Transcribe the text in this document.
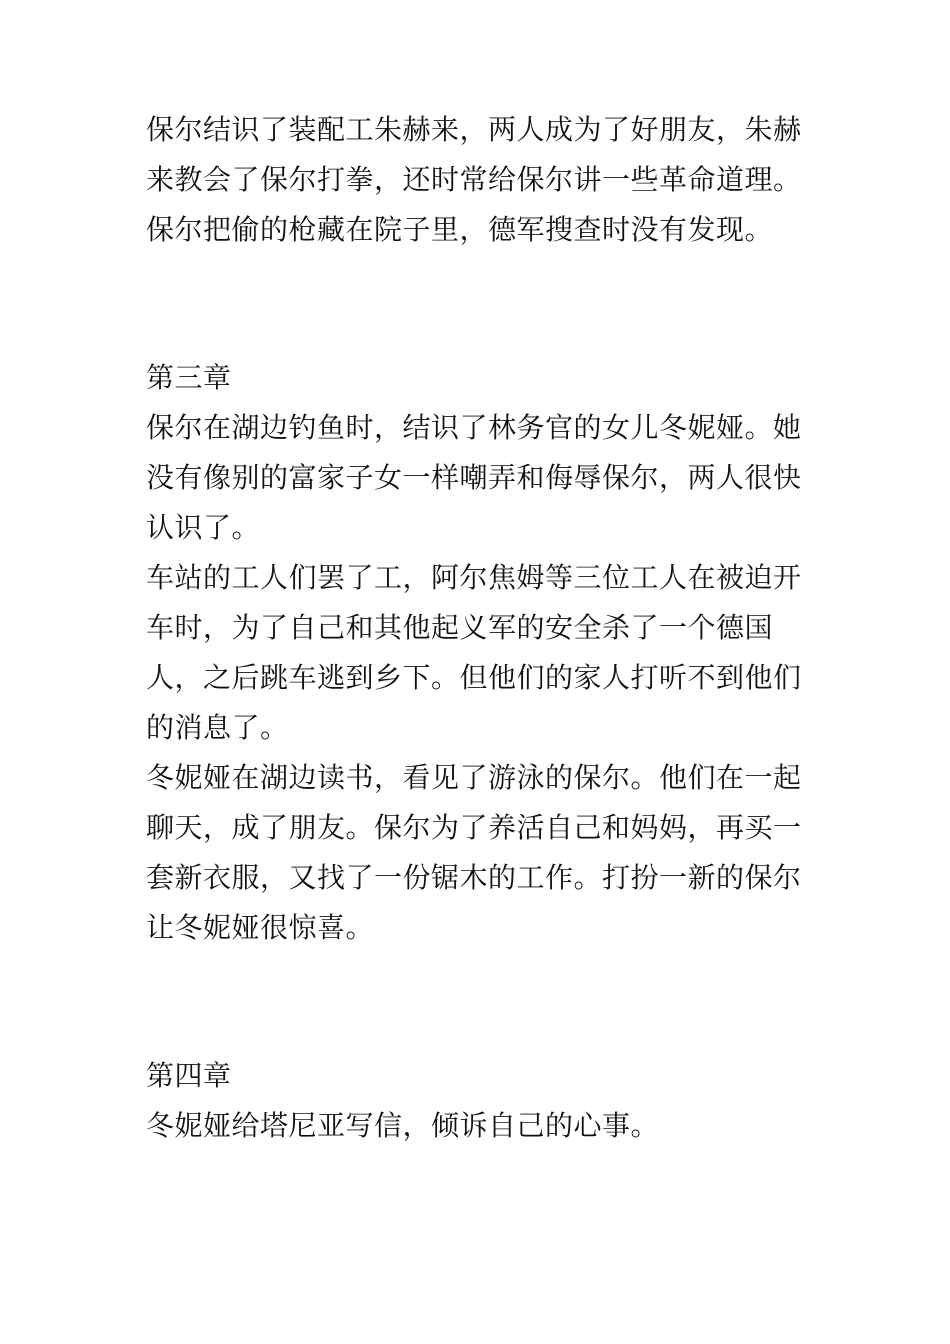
保尔结识了装配工朱赫来，两人成为了好朋友，朱赫

来教会了保尔打拳，还时常给保尔讲一些革命道理。

保尔把偷的枪藏在院子里，德军搜查时没有发现。

第三章

保尔在湖边钓鱼时，结识了林务官的女儿冬妮娅。她

没有像别的富家子女一样嘲弄和侮辱保尔，两人很快

认识了。

车站的工人们罢了工，阿尔焦姆等三位工人在被迫开

车时，为了自己和其他起义军的安全杀了一个德国

人，之后跳车逃到乡下。但他们的家人打听不到他们

的消息了。

冬妮娅在湖边读书，看见了游泳的保尔。他们在一起

聊天，成了朋友。保尔为了养活自己和妈妈，再买一

套新衣服，又找了一份锯木的工作。打扮一新的保尔

让冬妮娅很惊喜。

第四章

冬妮娅给塔尼亚写信，倾诉自己的心事。
